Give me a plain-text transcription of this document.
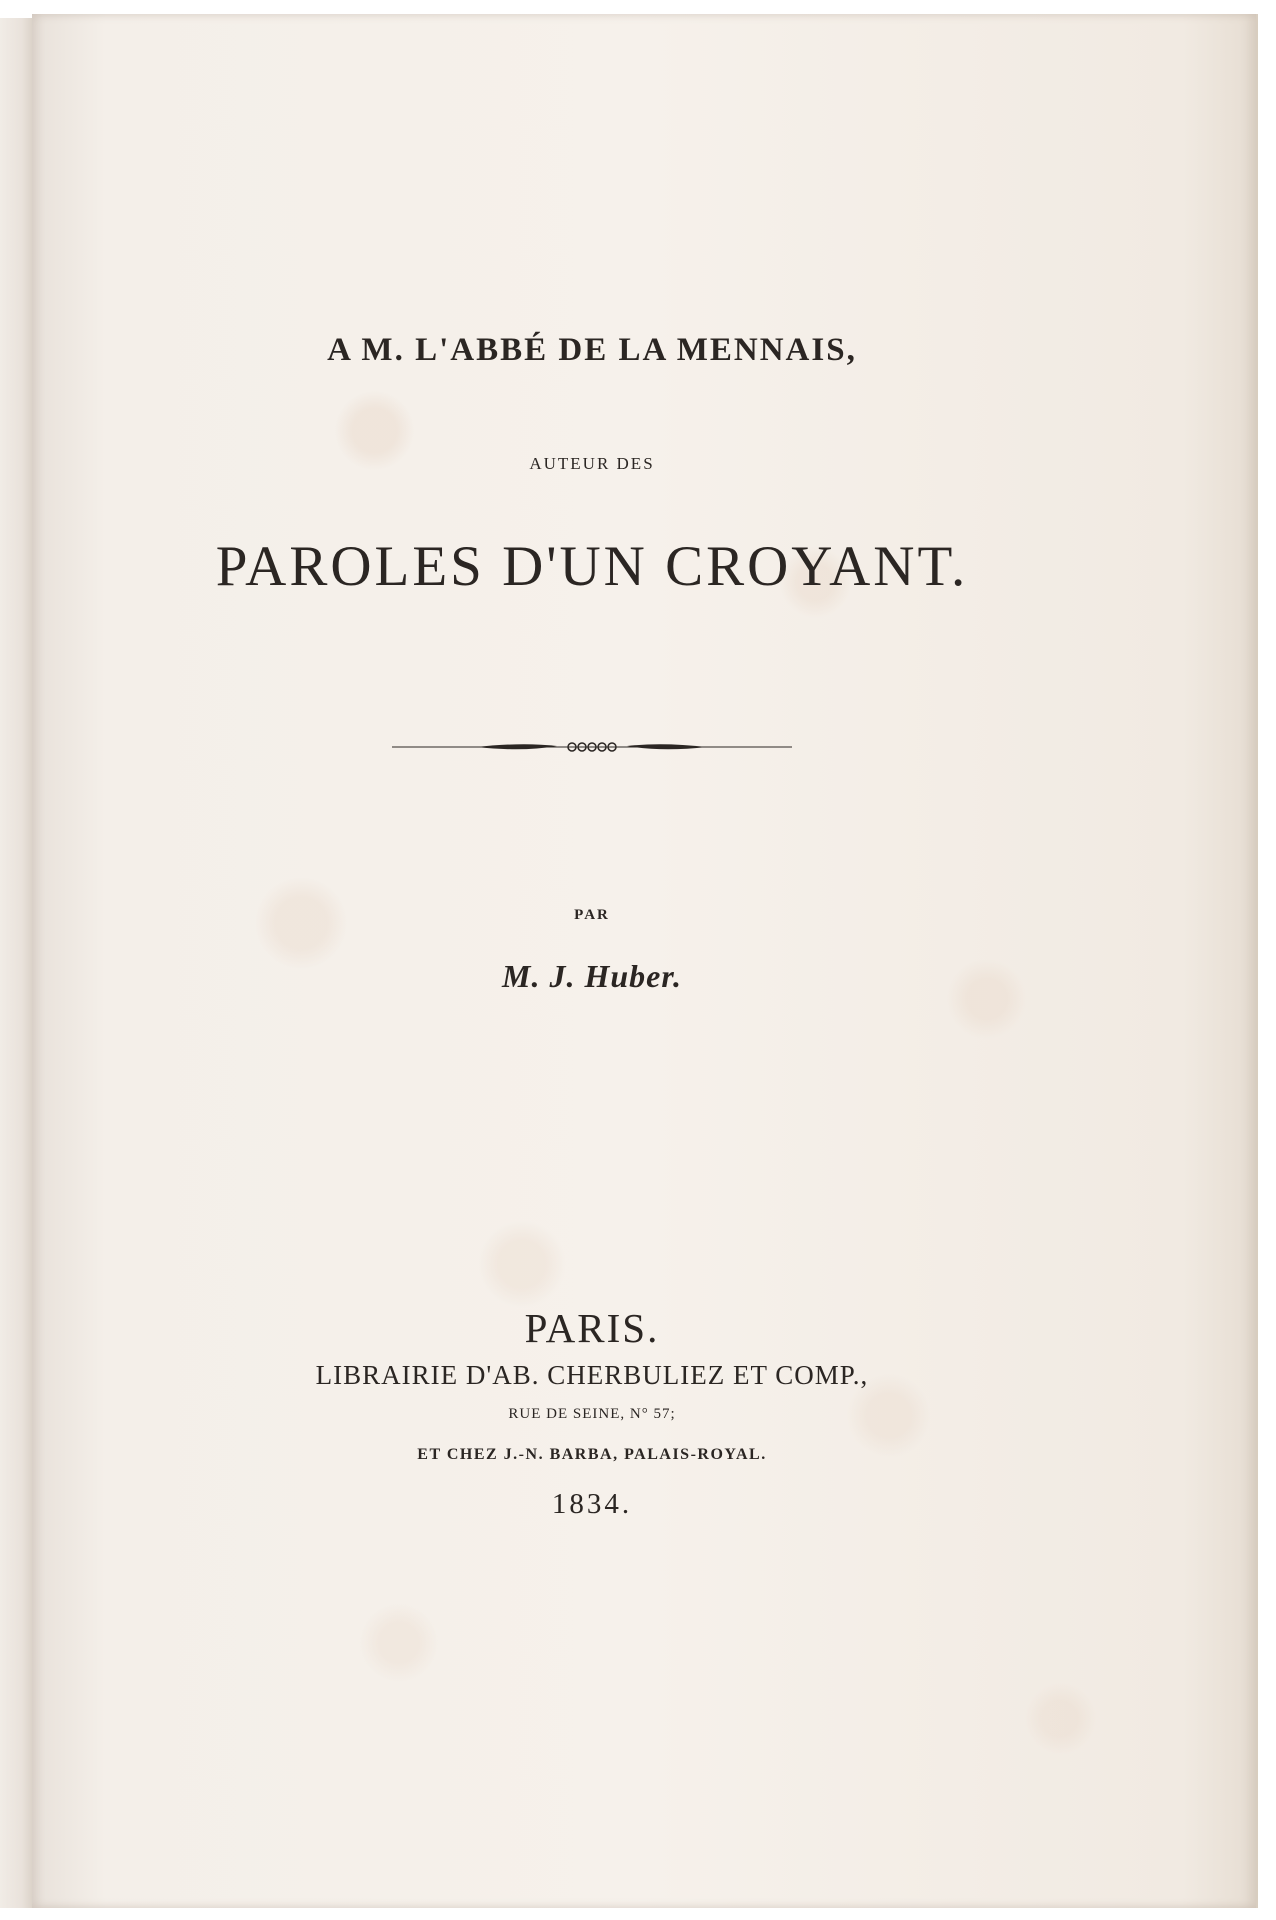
A M. L'ABBÉ DE LA MENNAIS,
AUTEUR DES
PAROLES D'UN CROYANT.
PAR
M. J. Huber.
PARIS.
LIBRAIRIE D'AB. CHERBULIEZ ET COMP.,
RUE DE SEINE, N° 57;
ET CHEZ J.-N. BARBA, PALAIS-ROYAL.
1834.
